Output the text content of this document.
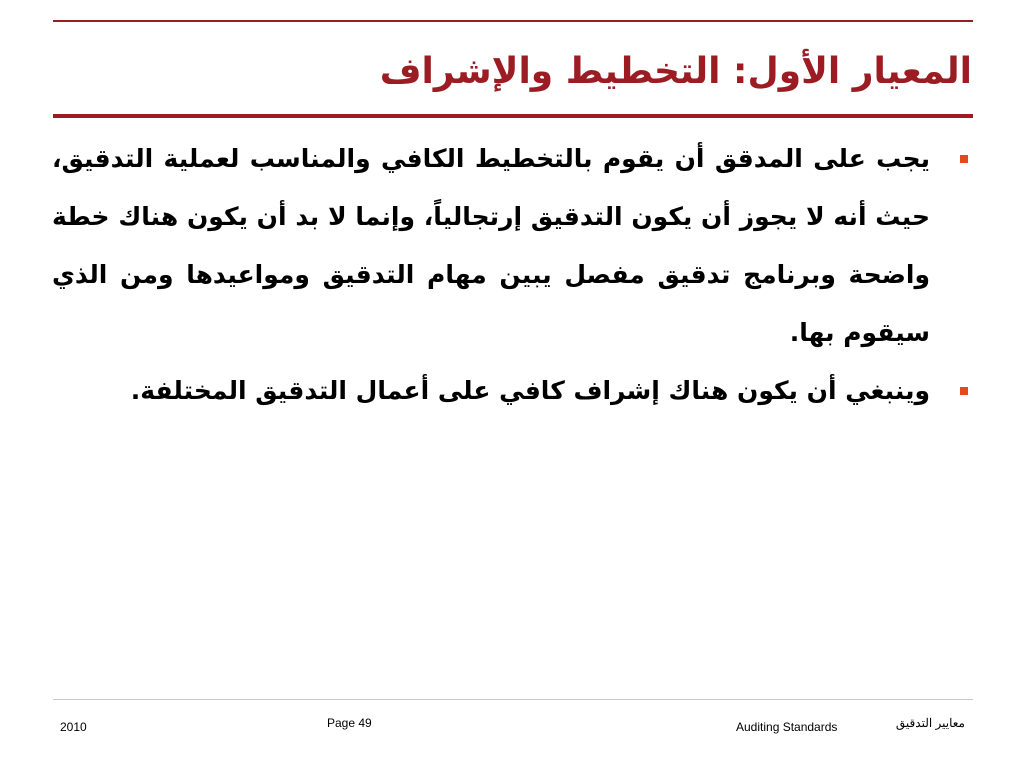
المعيار الأول: التخطيط والإشراف
يجب على المدقق أن يقوم بالتخطيط الكافي والمناسب لعملية التدقيق، حيث أنه لا يجوز أن يكون التدقيق إرتجالياً، وإنما لا بد أن يكون هناك خطة واضحة وبرنامج تدقيق مفصل يبين مهام التدقيق ومواعيدها ومن الذي سيقوم بها.
وينبغي أن يكون هناك إشراف كافي على أعمال التدقيق المختلفة.
2010	Page 49	Auditing Standards	معايير التدقيق
